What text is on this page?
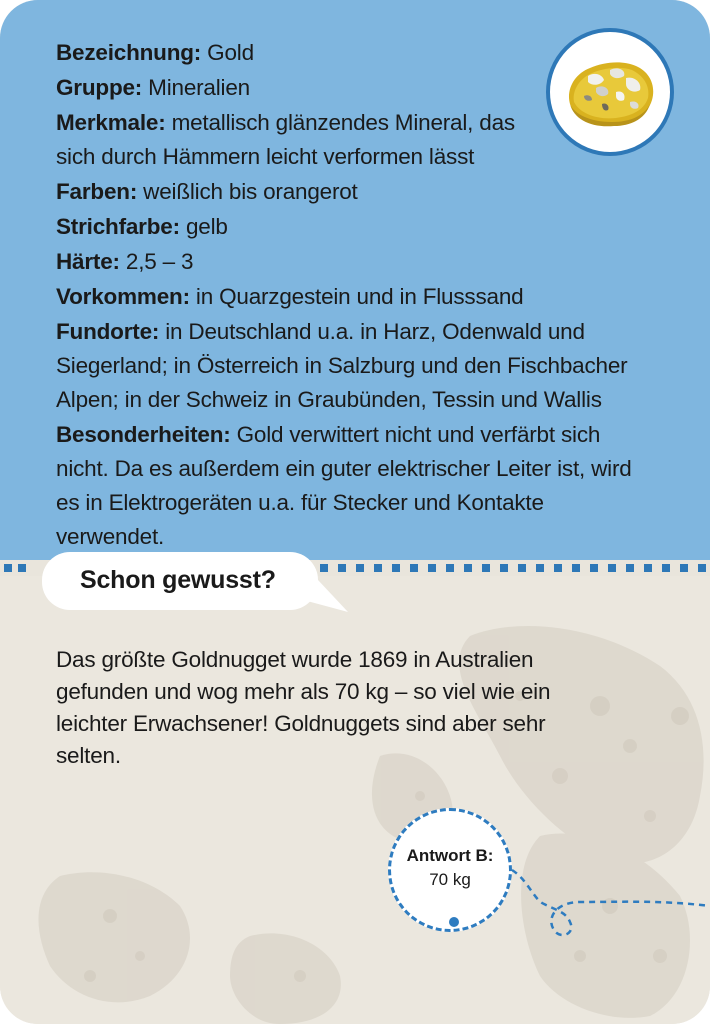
Bezeichnung: Gold

Gruppe: Mineralien

Merkmale: metallisch glänzendes Mineral, das sich durch Hämmern leicht verformen lässt

Farben: weißlich bis orangerot

Strichfarbe: gelb

Härte: 2,5 – 3

Vorkommen: in Quarzgestein und in Flusssand

Fundorte: in Deutschland u.a. in Harz, Odenwald und Siegerland; in Österreich in Salzburg und den Fischbacher Alpen; in der Schweiz in Graubünden, Tessin und Wallis

Besonderheiten: Gold verwittert nicht und verfärbt sich nicht. Da es außerdem ein guter elektrischer Leiter ist, wird es in Elektrogeräten u.a. für Stecker und Kontakte verwendet.

Schon gewusst?
Das größte Goldnugget wurde 1869 in Australien gefunden und wog mehr als 70 kg – so viel wie ein leichter Erwachsener! Goldnuggets sind aber sehr selten.
Antwort B:
70 kg
